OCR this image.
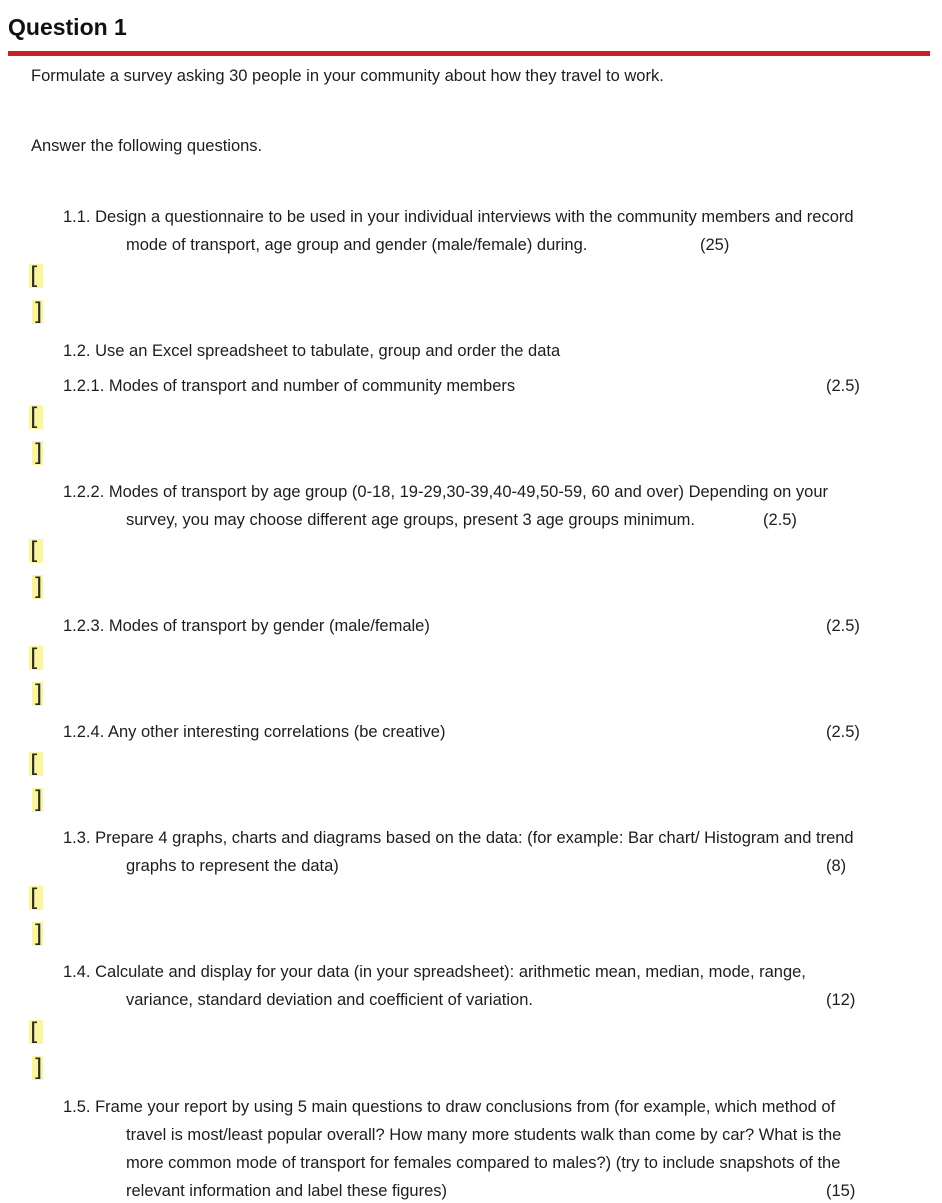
Question 1
Formulate a survey asking 30 people in your community about how they travel to work.
Answer the following questions.
1.1. Design a questionnaire to be used in your individual interviews with the community members and record
mode of transport, age group and gender (male/female) during.	(25)
[
]
1.2. Use an Excel spreadsheet to tabulate, group and order the data
1.2.1. Modes of transport and number of community members	(2.5)
[
]
1.2.2. Modes of transport by age group (0-18, 19-29,30-39,40-49,50-59, 60 and over) Depending on your
survey, you may choose different age groups, present 3 age groups minimum.	(2.5)
[
]
1.2.3. Modes of transport by gender (male/female)	(2.5)
[
]
1.2.4. Any other interesting correlations (be creative)	(2.5)
[
]
1.3. Prepare 4 graphs, charts and diagrams based on the data: (for example: Bar chart/ Histogram and trend
graphs to represent the data)	(8)
[
]
1.4. Calculate and display for your data (in your spreadsheet): arithmetic mean, median, mode, range,
variance, standard deviation and coefficient of variation.	(12)
[
]
1.5. Frame your report by using 5 main questions to draw conclusions from (for example, which method of
travel is most/least popular overall? How many more students walk than come by car? What is the
more common mode of transport for females compared to males?) (try to include snapshots of the
relevant information and label these figures)	(15)
